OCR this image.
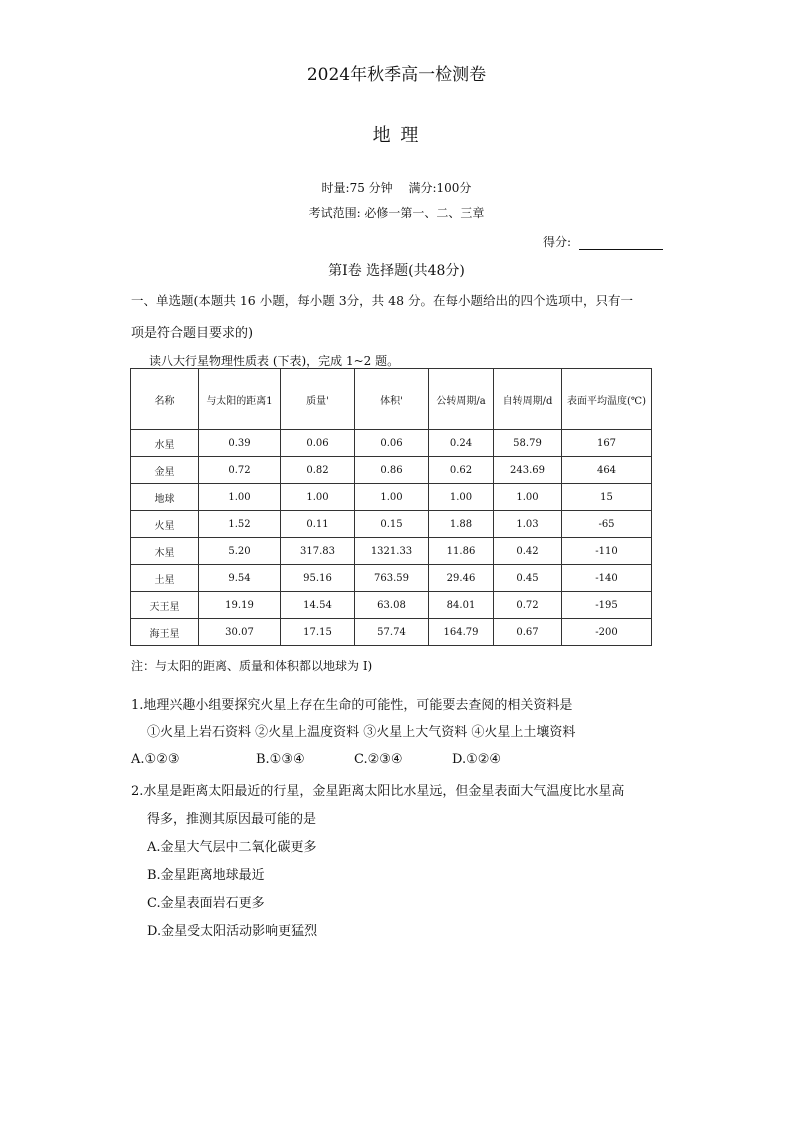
2024年秋季高一检测卷
地 理
时量:75 分钟　 满分:100分
考试范围: 必修一第一、二、三章
得分:
第Ⅰ卷 选择题(共48分)
一、单选题(本题共 16 小题，每小题 3分，共 48 分。在每小题给出的四个选项中，只有一
项是符合题目要求的)
读八大行星物理性质表 (下表)，完成 1~2 题。
名称	与太阳的距离1	质量'	体积'	公转周期/a	自转周期/d	表面平均温度(℃)
水星	0.39	0.06	0.06	0.24	58.79	167
金星	0.72	0.82	0.86	0.62	243.69	464
地球	1.00	1.00	1.00	1.00	1.00	15
火星	1.52	0.11	0.15	1.88	1.03	-65
木星	5.20	317.83	1321.33	11.86	0.42	-110
土星	9.54	95.16	763.59	29.46	0.45	-140
天王星	19.19	14.54	63.08	84.01	0.72	-195
海王星	30.07	17.15	57.74	164.79	0.67	-200
注：与太阳的距离、质量和体积都以地球为 I)
1.地理兴趣小组要探究火星上存在生命的可能性，可能要去查阅的相关资料是
①火星上岩石资料 ②火星上温度资料 ③火星上大气资料 ④火星上土壤资料
A.①②③	B.①③④	C.②③④	D.①②④
2.水星是距离太阳最近的行星，金星距离太阳比水星远，但金星表面大气温度比水星高
得多，推测其原因最可能的是
A.金星大气层中二氧化碳更多
B.金星距离地球最近
C.金星表面岩石更多
D.金星受太阳活动影响更猛烈
